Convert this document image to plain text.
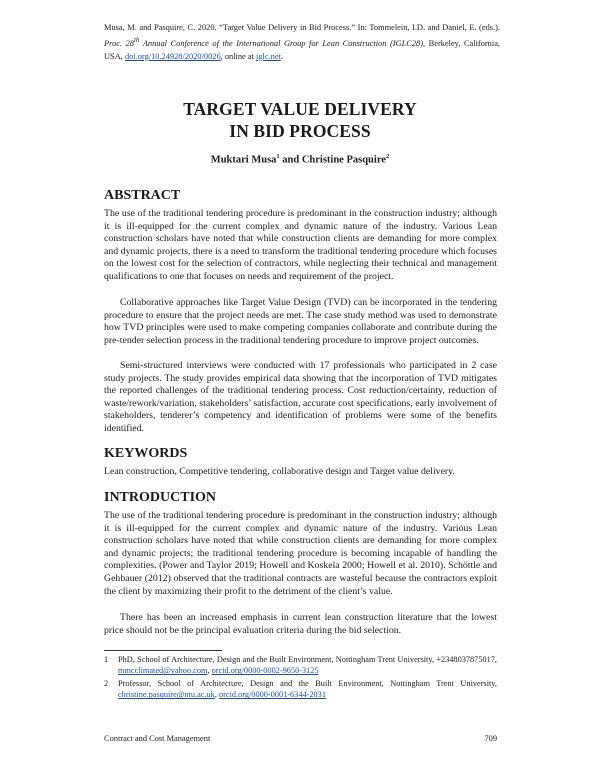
Musa, M. and Pasquire, C. 2020. “Target Value Delivery in Bid Process.” In: Tommelein, I.D. and Daniel, E. (eds.). Proc. 28th Annual Conference of the International Group for Lean Construction (IGLC28), Berkeley, California, USA, doi.org/10.24928/2020/0026, online at iglc.net.
TARGET VALUE DELIVERY
IN BID PROCESS
Muktari Musa$^1$ and Christine Pasquire$^2$
ABSTRACT

The use of the traditional tendering procedure is predominant in the construction industry; although it is ill-equipped for the current complex and dynamic nature of the industry. Various Lean construction scholars have noted that while construction clients are demanding for more complex and dynamic projects, there is a need to transform the traditional tendering procedure which focuses on the lowest cost for the selection of contractors, while neglecting their technical and management qualifications to one that focuses on needs and requirement of the project.

Collaborative approaches like Target Value Design (TVD) can be incorporated in the tendering procedure to ensure that the project needs are met. The case study method was used to demonstrate how TVD principles were used to make competing companies collaborate and contribute during the pre-tender selection process in the traditional tendering procedure to improve project outcomes.

Semi-structured interviews were conducted with 17 professionals who participated in 2 case study projects. The study provides empirical data showing that the incorporation of TVD mitigates the reported challenges of the traditional tendering process. Cost reduction/certainty, reduction of waste/rework/variation, stakeholders’ satisfaction, accurate cost specifications, early involvement of stakeholders, tenderer’s competency and identification of problems were some of the benefits identified.

KEYWORDS

Lean construction, Competitive tendering, collaborative design and Target value delivery.

INTRODUCTION

The use of the traditional tendering procedure is predominant in the construction industry; although it is ill-equipped for the current complex and dynamic nature of the industry. Various Lean construction scholars have noted that while construction clients are demanding for more complex and dynamic projects; the traditional tendering procedure is becoming incapable of handling the complexities. (Power and Taylor 2019; Howell and Koskela 2000; Howell et al. 2010). Schöttle and Gehbauer (2012) observed that the traditional contracts are wasteful because the contractors exploit the client by maximizing their profit to the detriment of the client’s value.

There has been an increased emphasis in current lean construction literature that the lowest price should not be the principal evaluation criteria during the bid selection.

1 PhD, School of Architecture, Design and the Built Environment, Nottingham Trent University, +2348037875017, mmcclimated@yahoo.com, orcid.org/0000-0002-9650-3125
2 Professor, School of Architecture, Design and the Built Environment, Nottingham Trent University, christine.pasquire@ntu.ac.uk, orcid.org/0000-0001-6344-2031
Contract and Cost Management	709
